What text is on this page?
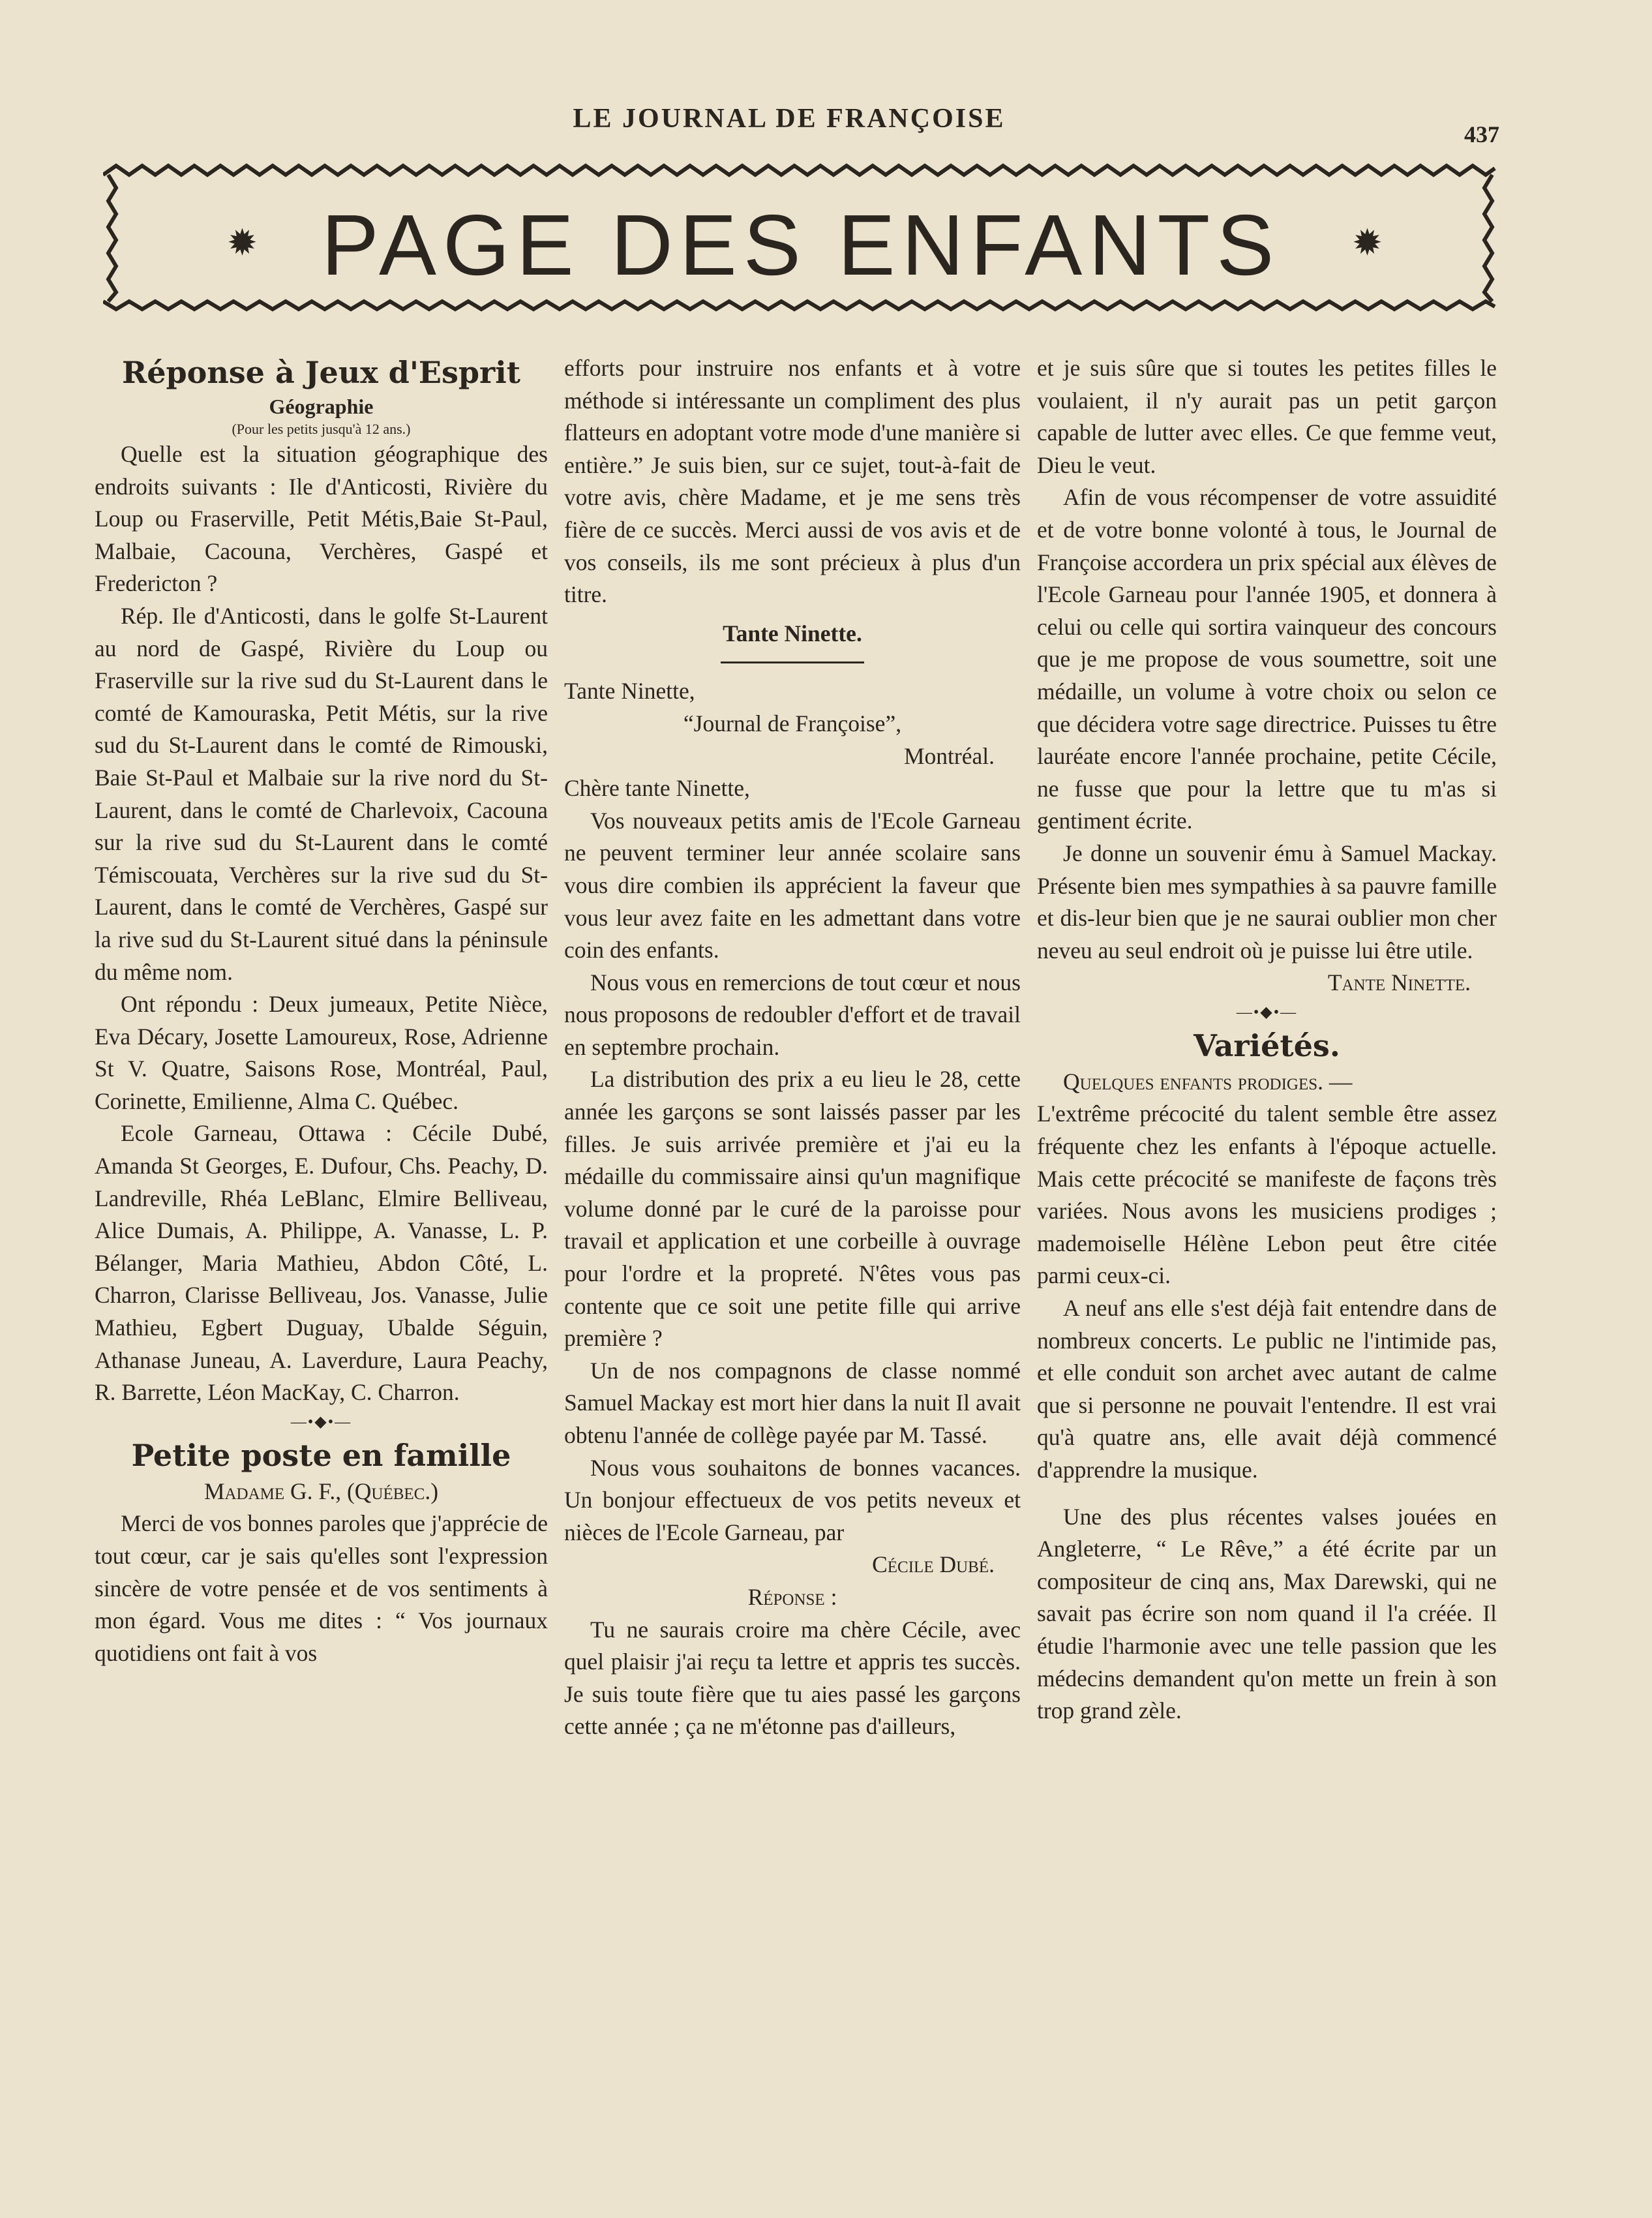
LE JOURNAL DE FRANÇOISE
437
✹ PAGE DES ENFANTS	✹

Réponse à Jeux d'Esprit

Géographie

(Pour les petits jusqu'à 12 ans.)

Quelle est la situation géographique des endroits suivants : Ile d'Anticosti, Rivière du Loup ou Fraserville, Petit Métis,Baie St-Paul, Malbaie, Cacouna, Verchères, Gaspé et Fredericton ?

Rép. Ile d'Anticosti, dans le golfe St-Laurent au nord de Gaspé, Rivière du Loup ou Fraserville sur la rive sud du St-Laurent dans le comté de Kamouraska, Petit Métis, sur la rive sud du St-Laurent dans le comté de Rimouski, Baie St-Paul et Malbaie sur la rive nord du St-Laurent, dans le comté de Charlevoix, Cacouna sur la rive sud du St-Laurent dans le comté Témiscouata, Verchères sur la rive sud du St-Laurent, dans le comté de Verchères, Gaspé sur la rive sud du St-Laurent situé dans la péninsule du même nom.

Ont répondu : Deux jumeaux, Petite Nièce, Eva Décary, Josette Lamoureux, Rose, Adrienne St V. Quatre, Saisons Rose, Montréal, Paul, Corinette, Emilienne, Alma C. Québec.

Ecole Garneau, Ottawa : Cécile Dubé, Amanda St Georges, E. Dufour, Chs. Peachy, D. Landreville, Rhéa LeBlanc, Elmire Belliveau, Alice Dumais, A. Philippe, A. Vanasse, L. P. Bélanger, Maria Mathieu, Abdon Côté, L. Charron, Clarisse Belliveau, Jos. Vanasse, Julie Mathieu, Egbert Duguay, Ubalde Séguin, Athanase Juneau, A. Laverdure, Laura Peachy, R. Barrette, Léon MacKay, C. Charron.

—•◆•—

Petite poste en famille

Madame G. F., (Québec.)

Merci de vos bonnes paroles que j'apprécie de tout cœur, car je sais qu'elles sont l'expression sincère de votre pensée et de vos sentiments à mon égard. Vous me dites : “ Vos journaux quotidiens ont fait à vos

efforts pour instruire nos enfants et à votre méthode si intéressante un compliment des plus flatteurs en adoptant votre mode d'une manière si entière.” Je suis bien, sur ce sujet, tout-à-fait de votre avis, chère Madame, et je me sens très fière de ce succès. Merci aussi de vos avis et de vos conseils, ils me sont précieux à plus d'un titre.

Tante Ninette.

Tante Ninette,

“Journal de Françoise”,

Montréal.

Chère tante Ninette,

Vos nouveaux petits amis de l'Ecole Garneau ne peuvent terminer leur année scolaire sans vous dire combien ils apprécient la faveur que vous leur avez faite en les admettant dans votre coin des enfants.

Nous vous en remercions de tout cœur et nous nous proposons de redoubler d'effort et de travail en septembre prochain.

La distribution des prix a eu lieu le 28, cette année les garçons se sont laissés passer par les filles. Je suis arrivée première et j'ai eu la médaille du commissaire ainsi qu'un magnifique volume donné par le curé de la paroisse pour travail et application et une corbeille à ouvrage pour l'ordre et la propreté. N'êtes vous pas contente que ce soit une petite fille qui arrive première ?

Un de nos compagnons de classe nommé Samuel Mackay est mort hier dans la nuit Il avait obtenu l'année de collège payée par M. Tassé.

Nous vous souhaitons de bonnes vacances. Un bonjour effectueux de vos petits neveux et nièces de l'Ecole Garneau, par

Cécile Dubé.

Réponse :

Tu ne saurais croire ma chère Cécile, avec quel plaisir j'ai reçu ta lettre et appris tes succès. Je suis toute fière que tu aies passé les garçons cette année ; ça ne m'étonne pas d'ailleurs,

et je suis sûre que si toutes les petites filles le voulaient, il n'y aurait pas un petit garçon capable de lutter avec elles. Ce que femme veut, Dieu le veut.

Afin de vous récompenser de votre assuidité et de votre bonne volonté à tous, le Journal de Françoise accordera un prix spécial aux élèves de l'Ecole Garneau pour l'année 1905, et donnera à celui ou celle qui sortira vainqueur des concours que je me propose de vous soumettre, soit une médaille, un volume à votre choix ou selon ce que décidera votre sage directrice. Puisses tu être lauréate encore l'année prochaine, petite Cécile, ne fusse que pour la lettre que tu m'as si gentiment écrite.

Je donne un souvenir ému à Samuel Mackay. Présente bien mes sympathies à sa pauvre famille et dis-leur bien que je ne saurai oublier mon cher neveu au seul endroit où je puisse lui être utile.

Tante Ninette.

—•◆•—

Variétés.

Quelques enfants prodiges. —

L'extrême précocité du talent semble être assez fréquente chez les enfants à l'époque actuelle. Mais cette précocité se manifeste de façons très variées. Nous avons les musiciens prodiges ; mademoiselle Hélène Lebon peut être citée parmi ceux-ci.

A neuf ans elle s'est déjà fait entendre dans de nombreux concerts. Le public ne l'intimide pas, et elle conduit son archet avec autant de calme que si personne ne pouvait l'entendre. Il est vrai qu'à quatre ans, elle avait déjà commencé d'apprendre la musique.

Une des plus récentes valses jouées en Angleterre, “ Le Rêve,” a été écrite par un compositeur de cinq ans, Max Darewski, qui ne savait pas écrire son nom quand il l'a créée. Il étudie l'harmonie avec une telle passion que les médecins demandent qu'on mette un frein à son trop grand zèle.
